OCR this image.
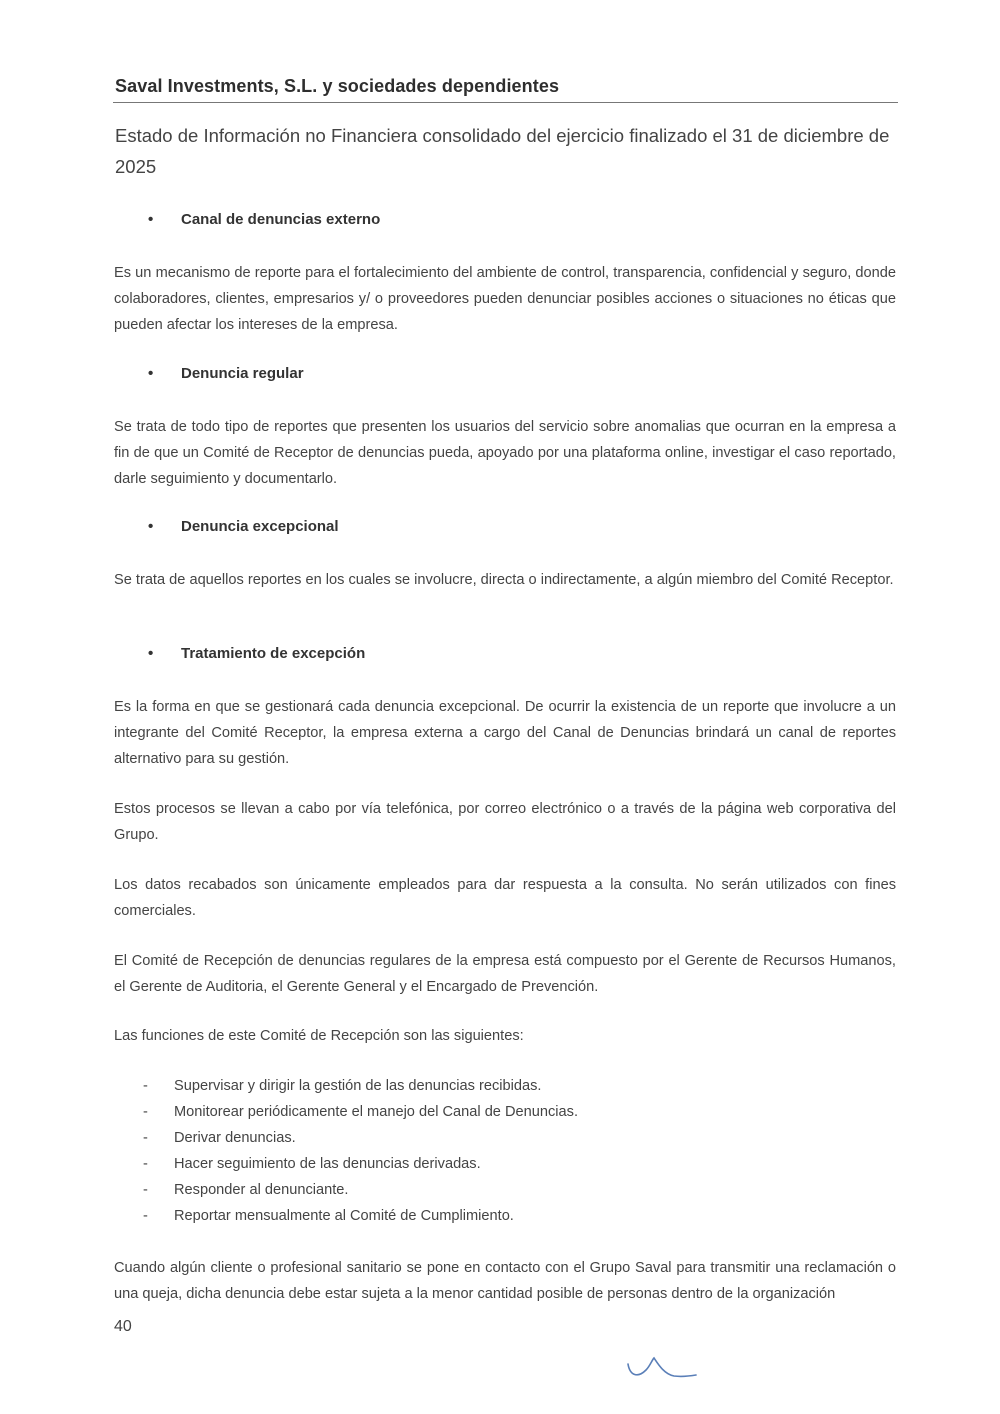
Saval Investments, S.L. y sociedades dependientes
Estado de Información no Financiera consolidado del ejercicio finalizado el 31 de diciembre de 2025
• Canal de denuncias externo
Es un mecanismo de reporte para el fortalecimiento del ambiente de control, transparencia, confidencial y seguro, donde colaboradores, clientes, empresarios y/ o proveedores pueden denunciar posibles acciones o situaciones no éticas que pueden afectar los intereses de la empresa.
• Denuncia regular
Se trata de todo tipo de reportes que presenten los usuarios del servicio sobre anomalias que ocurran en la empresa a fin de que un Comité de Receptor de denuncias pueda, apoyado por una plataforma online, investigar el caso reportado, darle seguimiento y documentarlo.
• Denuncia excepcional
Se trata de aquellos reportes en los cuales se involucre, directa o indirectamente, a algún miembro del Comité Receptor.
• Tratamiento de excepción
Es la forma en que se gestionará cada denuncia excepcional. De ocurrir la existencia de un reporte que involucre a un integrante del Comité Receptor, la empresa externa a cargo del Canal de Denuncias brindará un canal de reportes alternativo para su gestión.
Estos procesos se llevan a cabo por vía telefónica, por correo electrónico o a través de la página web corporativa del Grupo.
Los datos recabados son únicamente empleados para dar respuesta a la consulta. No serán utilizados con fines comerciales.
El Comité de Recepción de denuncias regulares de la empresa está compuesto por el Gerente de Recursos Humanos, el Gerente de Auditoria, el Gerente General y el Encargado de Prevención.
Las funciones de este Comité de Recepción son las siguientes:
- Supervisar y dirigir la gestión de las denuncias recibidas.
- Monitorear periódicamente el manejo del Canal de Denuncias.
- Derivar denuncias.
- Hacer seguimiento de las denuncias derivadas.
- Responder al denunciante.
- Reportar mensualmente al Comité de Cumplimiento.
Cuando algún cliente o profesional sanitario se pone en contacto con el Grupo Saval para transmitir una reclamación o una queja, dicha denuncia debe estar sujeta a la menor cantidad posible de personas dentro de la organización
40
